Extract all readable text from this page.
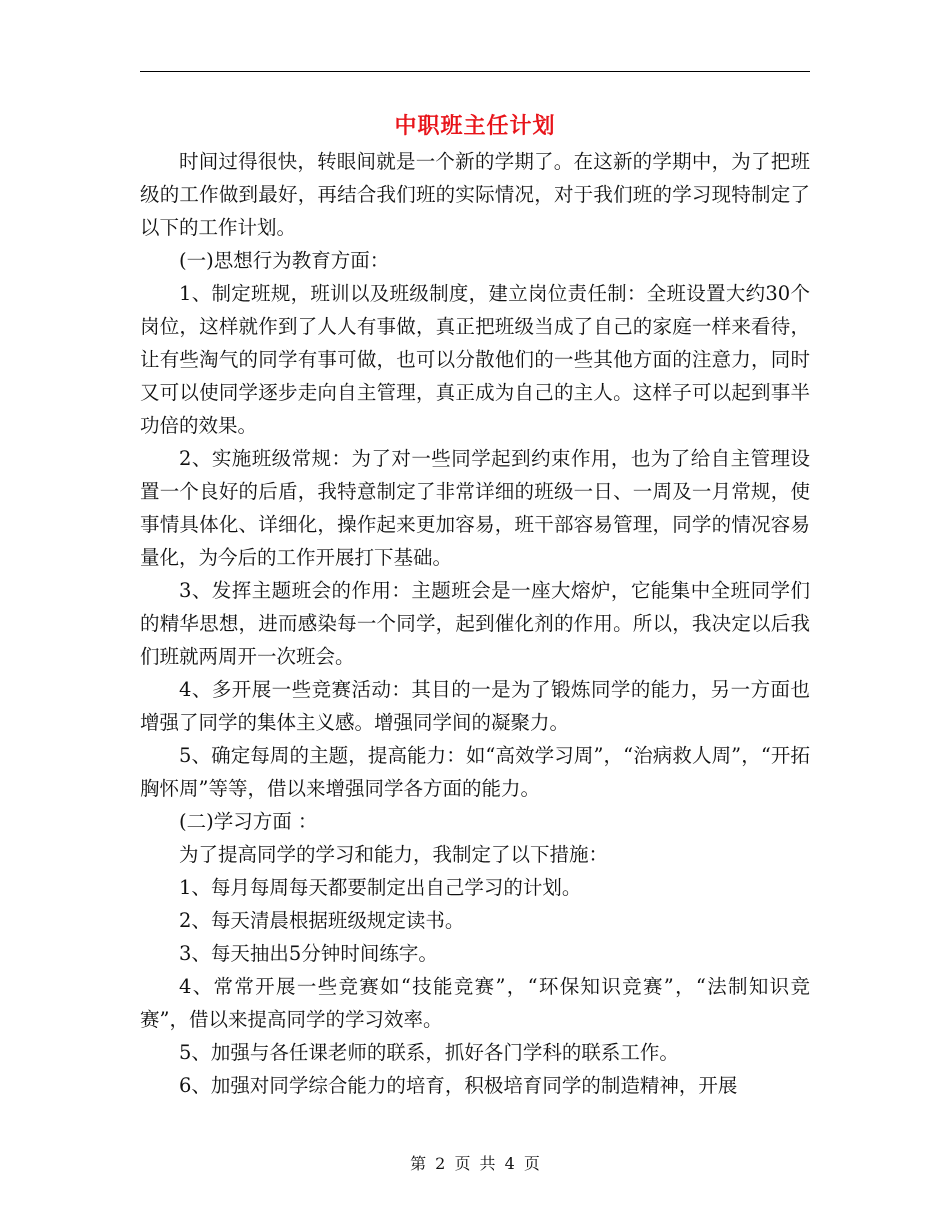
中职班主任计划

时间过得很快，转眼间就是一个新的学期了。在这新的学期中，为了把班级的工作做到最好，再结合我们班的实际情况，对于我们班的学习现特制定了以下的工作计划。

(一)思想行为教育方面：

1、制定班规，班训以及班级制度，建立岗位责任制：全班设置大约30个岗位，这样就作到了人人有事做，真正把班级当成了自己的家庭一样来看待，让有些淘气的同学有事可做，也可以分散他们的一些其他方面的注意力，同时又可以使同学逐步走向自主管理，真正成为自己的主人。这样子可以起到事半功倍的效果。

2、实施班级常规：为了对一些同学起到约束作用，也为了给自主管理设置一个良好的后盾，我特意制定了非常详细的班级一日、一周及一月常规，使事情具体化、详细化，操作起来更加容易，班干部容易管理，同学的情况容易量化，为今后的工作开展打下基础。

3、发挥主题班会的作用：主题班会是一座大熔炉，它能集中全班同学们的精华思想，进而感染每一个同学，起到催化剂的作用。所以，我决定以后我们班就两周开一次班会。

4、多开展一些竞赛活动：其目的一是为了锻炼同学的能力，另一方面也增强了同学的集体主义感。增强同学间的凝聚力。

5、确定每周的主题，提高能力：如“高效学习周”，“治病救人周”，“开拓胸怀周”等等，借以来增强同学各方面的能力。

(二)学习方面 ：

为了提高同学的学习和能力，我制定了以下措施：

1、每月每周每天都要制定出自己学习的计划。

2、每天清晨根据班级规定读书。

3、每天抽出5分钟时间练字。

4、常常开展一些竞赛如“技能竞赛”，“环保知识竞赛”，“法制知识竞赛”，借以来提高同学的学习效率。

5、加强与各任课老师的联系，抓好各门学科的联系工作。

6、加强对同学综合能力的培育，积极培育同学的制造精神，开展

第 2 页 共 4 页
